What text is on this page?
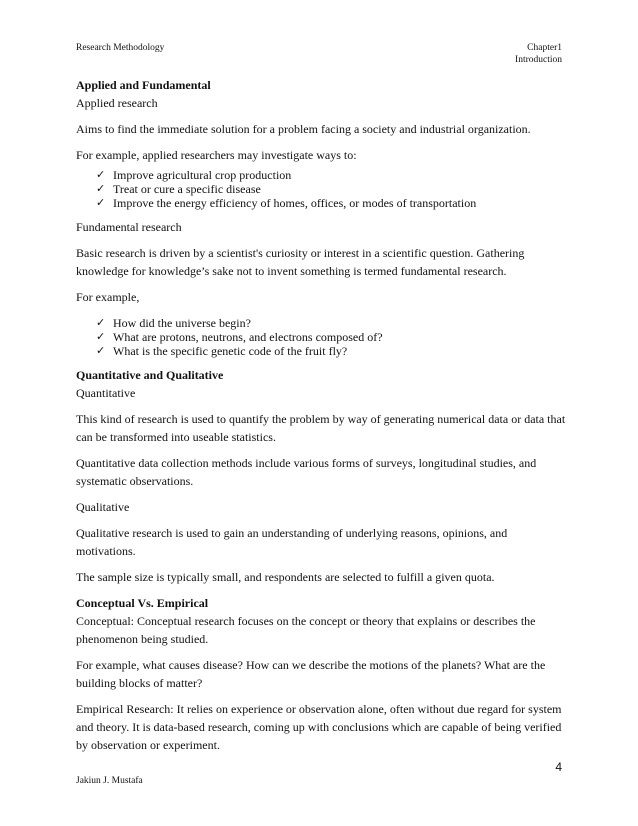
Research Methodology	Chapter1
Introduction

Applied and Fundamental

Applied research

Aims to find the immediate solution for a problem facing a society and industrial organization.

For example, applied researchers may investigate ways to:

✓ Improve agricultural crop production
✓ Treat or cure a specific disease
✓ Improve the energy efficiency of homes, offices, or modes of transportation

Fundamental research

Basic research is driven by a scientist's curiosity or interest in a scientific question. Gathering knowledge for knowledge’s sake not to invent something is termed fundamental research.

For example,

✓ How did the universe begin?
✓ What are protons, neutrons, and electrons composed of?
✓ What is the specific genetic code of the fruit fly?

Quantitative and Qualitative

Quantitative

This kind of research is used to quantify the problem by way of generating numerical data or data that can be transformed into useable statistics.

Quantitative data collection methods include various forms of surveys, longitudinal studies, and systematic observations.

Qualitative

Qualitative research is used to gain an understanding of underlying reasons, opinions, and motivations.

The sample size is typically small, and respondents are selected to fulfill a given quota.

Conceptual Vs. Empirical

Conceptual: Conceptual research focuses on the concept or theory that explains or describes the phenomenon being studied.

For example, what causes disease? How can we describe the motions of the planets? What are the building blocks of matter?

Empirical Research: It relies on experience or observation alone, often without due regard for system and theory. It is data-based research, coming up with conclusions which are capable of being verified by observation or experiment.

4
Jakiun J. Mustafa
